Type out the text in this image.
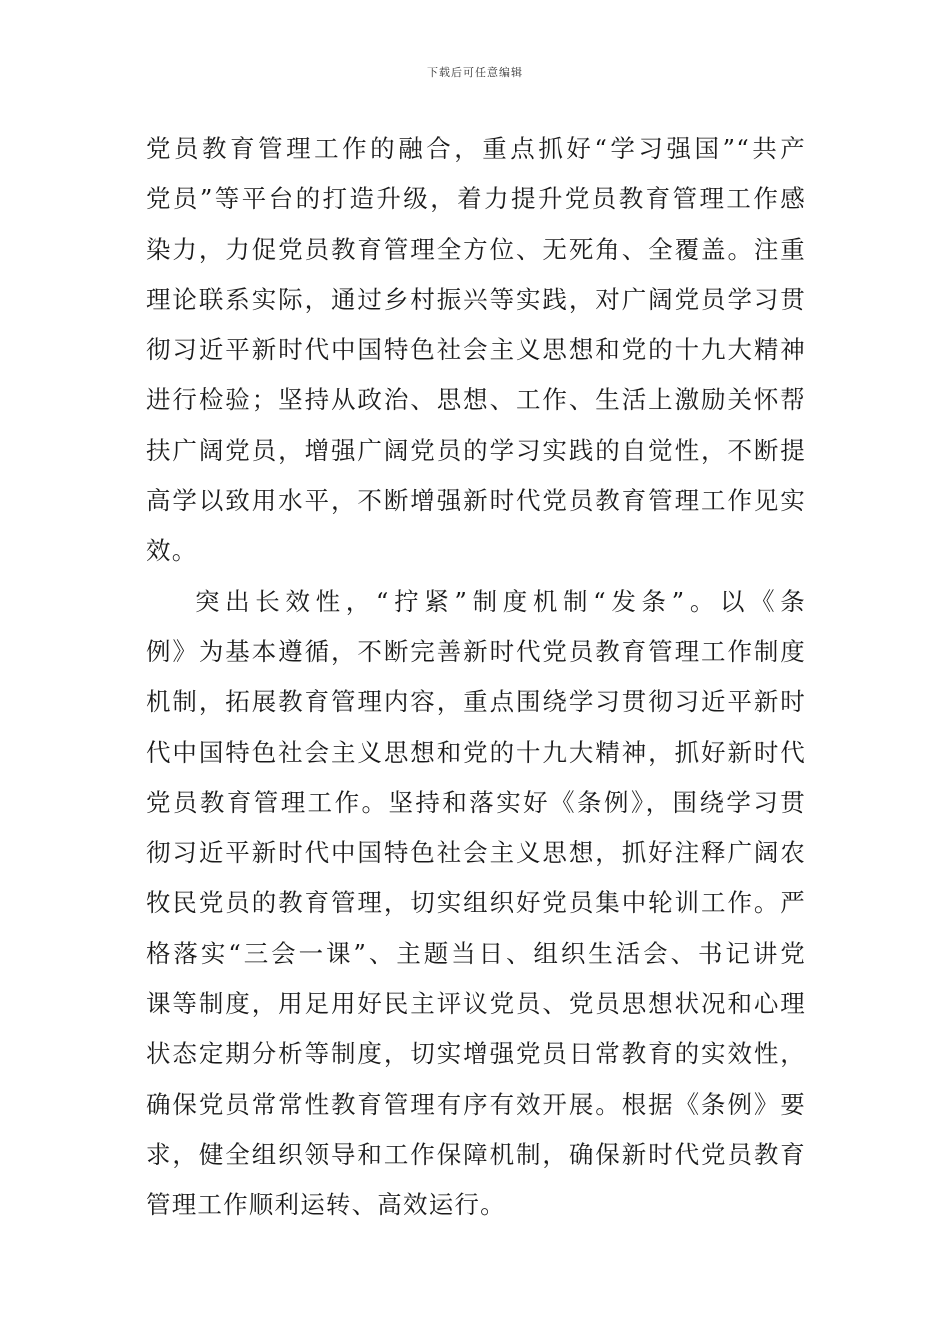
下载后可任意编辑

党员教育管理工作的融合，重点抓好“学习强国”“共产
党员”等平台的打造升级，着力提升党员教育管理工作感
染力，力促党员教育管理全方位、无死角、全覆盖。注重
理论联系实际，通过乡村振兴等实践，对广阔党员学习贯
彻习近平新时代中国特色社会主义思想和党的十九大精神
进行检验；坚持从政治、思想、工作、生活上激励关怀帮
扶广阔党员，增强广阔党员的学习实践的自觉性，不断提
高学以致用水平，不断增强新时代党员教育管理工作见实
效。

突出长效性，“拧紧”制度机制“发条”。以《条
例》为基本遵循，不断完善新时代党员教育管理工作制度
机制，拓展教育管理内容，重点围绕学习贯彻习近平新时
代中国特色社会主义思想和党的十九大精神，抓好新时代
党员教育管理工作。坚持和落实好《条例》，围绕学习贯
彻习近平新时代中国特色社会主义思想，抓好注释广阔农
牧民党员的教育管理，切实组织好党员集中轮训工作。严
格落实“三会一课”、主题当日、组织生活会、书记讲党
课等制度，用足用好民主评议党员、党员思想状况和心理
状态定期分析等制度，切实增强党员日常教育的实效性，
确保党员常常性教育管理有序有效开展。根据《条例》要
求，健全组织领导和工作保障机制，确保新时代党员教育
管理工作顺利运转、高效运行。
